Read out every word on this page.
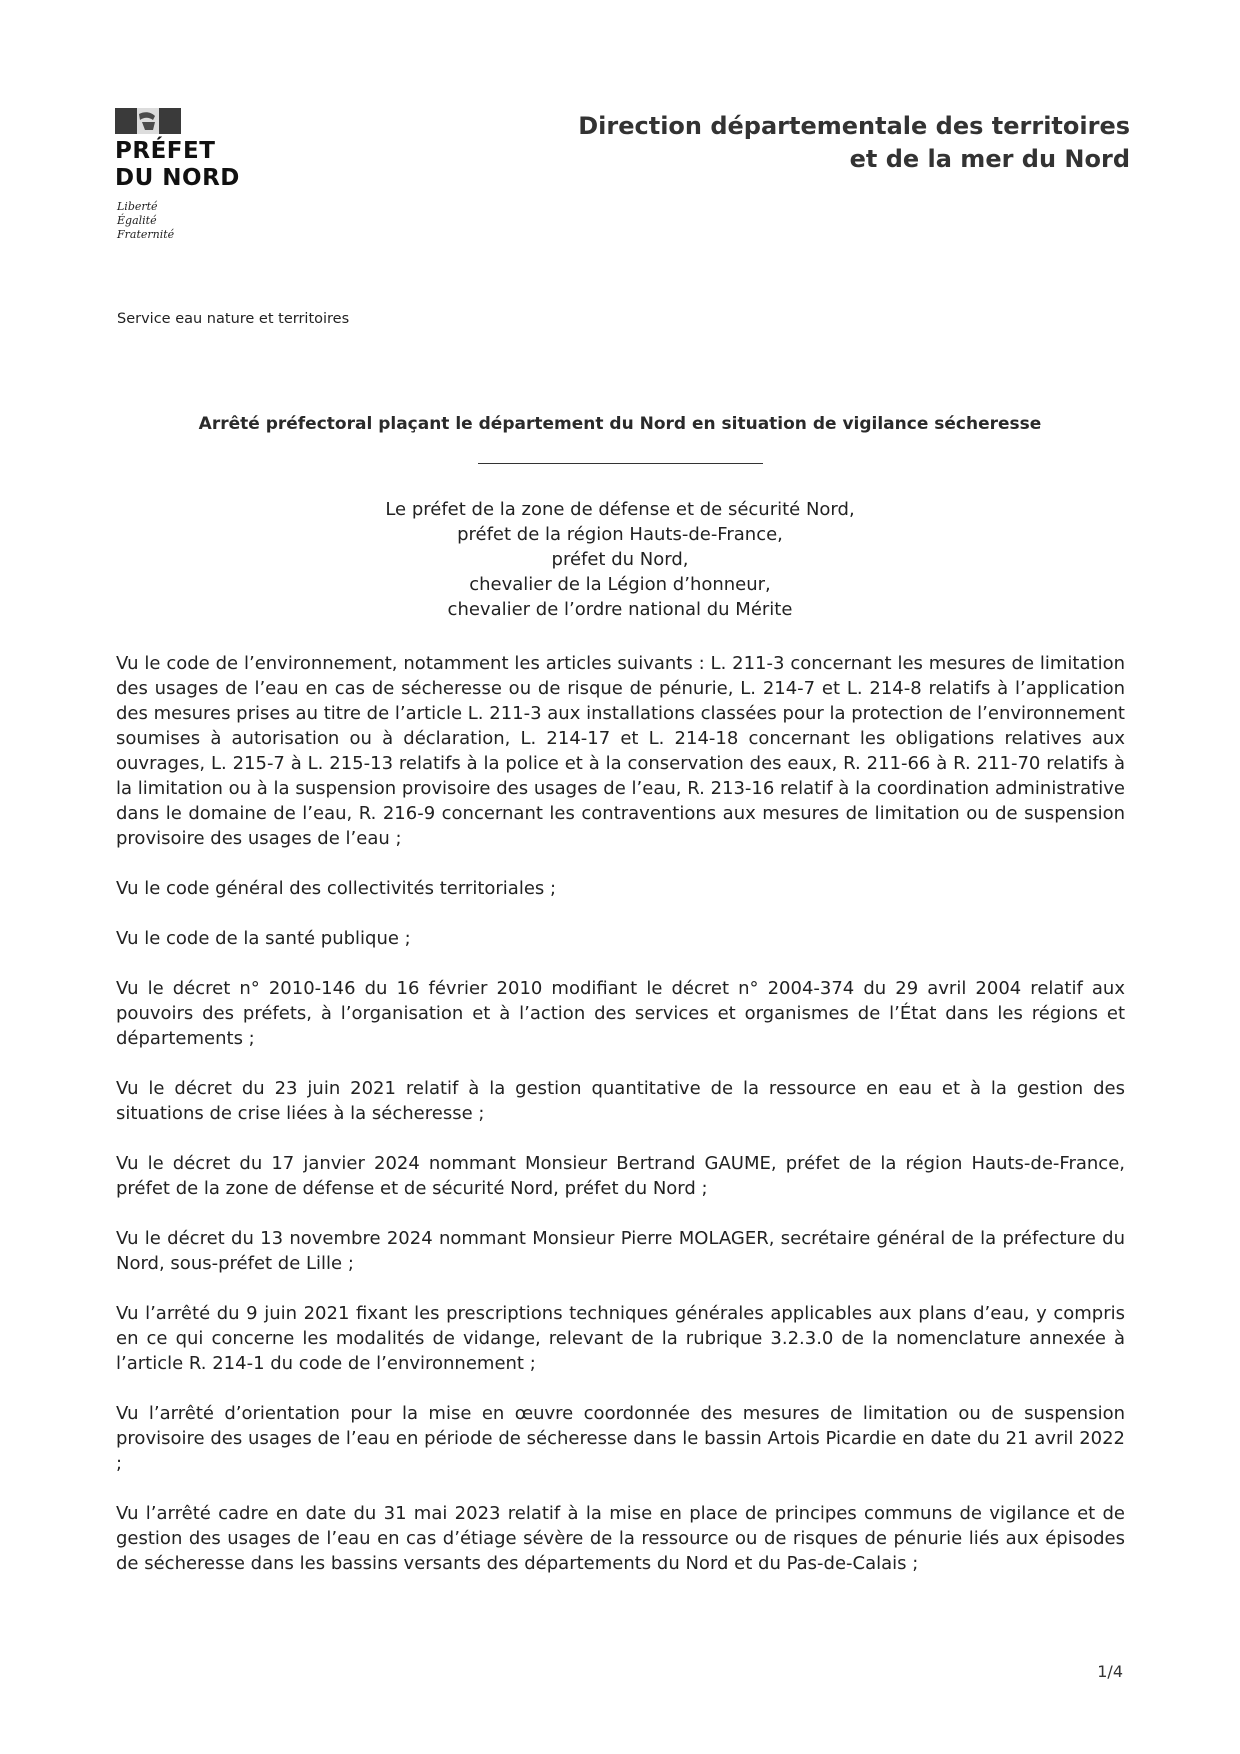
PRÉFET
DU NORD
Liberté
Égalité
Fraternité
Direction départementale des territoires
et de la mer du Nord
Service eau nature et territoires
Arrêté préfectoral plaçant le département du Nord en situation de vigilance sécheresse
Le préfet de la zone de défense et de sécurité Nord,
préfet de la région Hauts-de-France,
préfet du Nord,
chevalier de la Légion d’honneur,
chevalier de l’ordre national du Mérite

Vu le code de l’environnement, notamment les articles suivants : L. 211-3 concernant les mesures de limitation des usages de l’eau en cas de sécheresse ou de risque de pénurie, L. 214-7 et L. 214-8 relatifs à l’application des mesures prises au titre de l’article L. 211-3 aux installations classées pour la protection de l’environnement soumises à autorisation ou à déclaration, L. 214-17 et L. 214-18 concernant les obligations relatives aux ouvrages, L. 215-7 à L. 215-13 relatifs à la police et à la conservation des eaux, R. 211-66 à R. 211-70 relatifs à la limitation ou à la suspension provisoire des usages de l’eau, R. 213-16 relatif à la coordination administrative dans le domaine de l’eau, R. 216-9 concernant les contraventions aux mesures de limitation ou de suspension provisoire des usages de l’eau ;

Vu le code général des collectivités territoriales ;

Vu le code de la santé publique ;

Vu le décret n° 2010-146 du 16 février 2010 modifiant le décret n° 2004-374 du 29 avril 2004 relatif aux pouvoirs des préfets, à l’organisation et à l’action des services et organismes de l’État dans les régions et départements ;

Vu le décret du 23 juin 2021 relatif à la gestion quantitative de la ressource en eau et à la gestion des situations de crise liées à la sécheresse ;

Vu le décret du 17 janvier 2024 nommant Monsieur Bertrand GAUME, préfet de la région Hauts-de-France, préfet de la zone de défense et de sécurité Nord, préfet du Nord ;

Vu le décret du 13 novembre 2024 nommant Monsieur Pierre MOLAGER, secrétaire général de la préfecture du Nord, sous-préfet de Lille ;

Vu l’arrêté du 9 juin 2021 fixant les prescriptions techniques générales applicables aux plans d’eau, y compris en ce qui concerne les modalités de vidange, relevant de la rubrique 3.2.3.0 de la nomenclature annexée à l’article R. 214-1 du code de l’environnement ;

Vu l’arrêté d’orientation pour la mise en œuvre coordonnée des mesures de limitation ou de suspension provisoire des usages de l’eau en période de sécheresse dans le bassin Artois Picardie en date du 21 avril 2022 ;

Vu l’arrêté cadre en date du 31 mai 2023 relatif à la mise en place de principes communs de vigilance et de gestion des usages de l’eau en cas d’étiage sévère de la ressource ou de risques de pénurie liés aux épisodes de sécheresse dans les bassins versants des départements du Nord et du Pas-de-Calais ;

1/4
